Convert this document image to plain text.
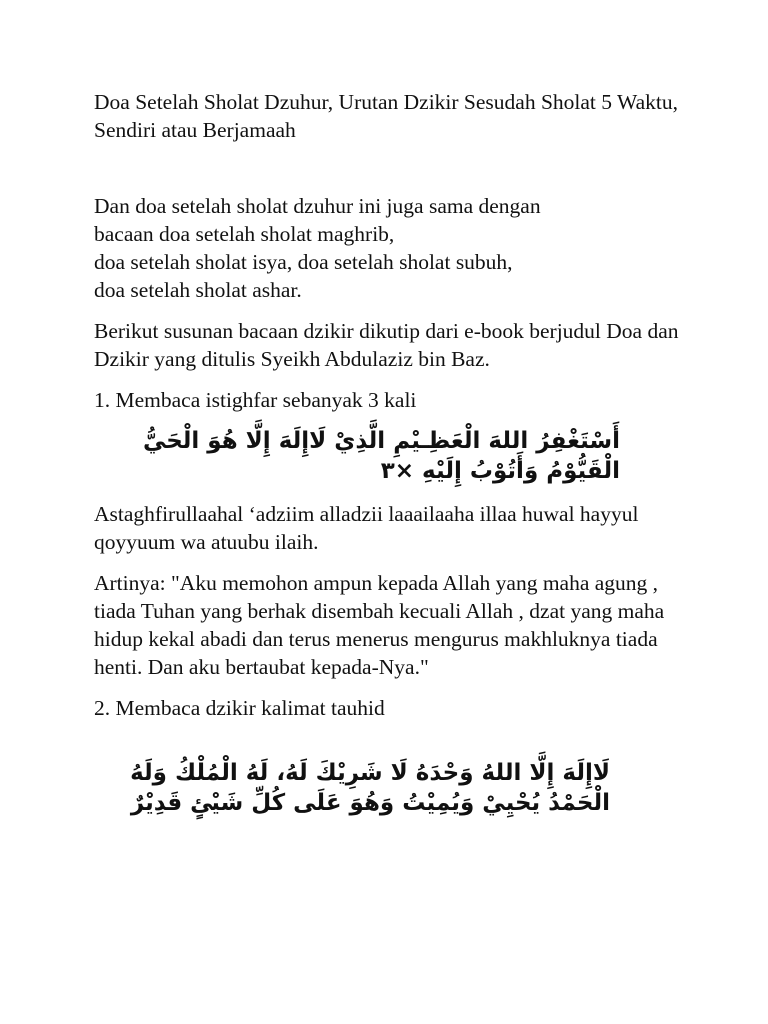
Doa Setelah Sholat Dzuhur, Urutan Dzikir Sesudah Sholat 5 Waktu, Sendiri atau Berjamaah

Dan doa setelah sholat dzuhur ini juga sama dengan

bacaan doa setelah sholat maghrib,

doa setelah sholat isya, doa setelah sholat subuh,

doa setelah sholat ashar.

Berikut susunan bacaan dzikir dikutip dari e-book berjudul Doa dan Dzikir yang ditulis Syeikh Abdulaziz bin Baz.

1. Membaca istighfar sebanyak 3 kali

أَسْتَغْفِرُ اللهَ الْعَظِـيْمِ الَّذِيْ لَاإِلَهَ إِلَّا هُوَ الْحَيُّ الْقَيُّوْمُ وَأَتُوْبُ إِلَيْهِ ×٣

Astaghfirullaahal ‘adziim alladzii laaailaaha illaa huwal hayyul qoyyuum wa atuubu ilaih.

Artinya: "Aku memohon ampun kepada Allah yang maha agung , tiada Tuhan yang berhak disembah kecuali Allah , dzat yang maha hidup kekal abadi dan terus menerus mengurus makhluknya tiada henti. Dan aku bertaubat kepada-Nya."

2. Membaca dzikir kalimat tauhid

لَاإِلَهَ إِلَّا اللهُ وَحْدَهُ لَا شَرِيْكَ لَهُ، لَهُ الْمُلْكُ وَلَهُ الْحَمْدُ يُحْيِيْ وَيُمِيْتُ وَهُوَ عَلَى كُلِّ شَيْئٍ قَدِيْرٌ
